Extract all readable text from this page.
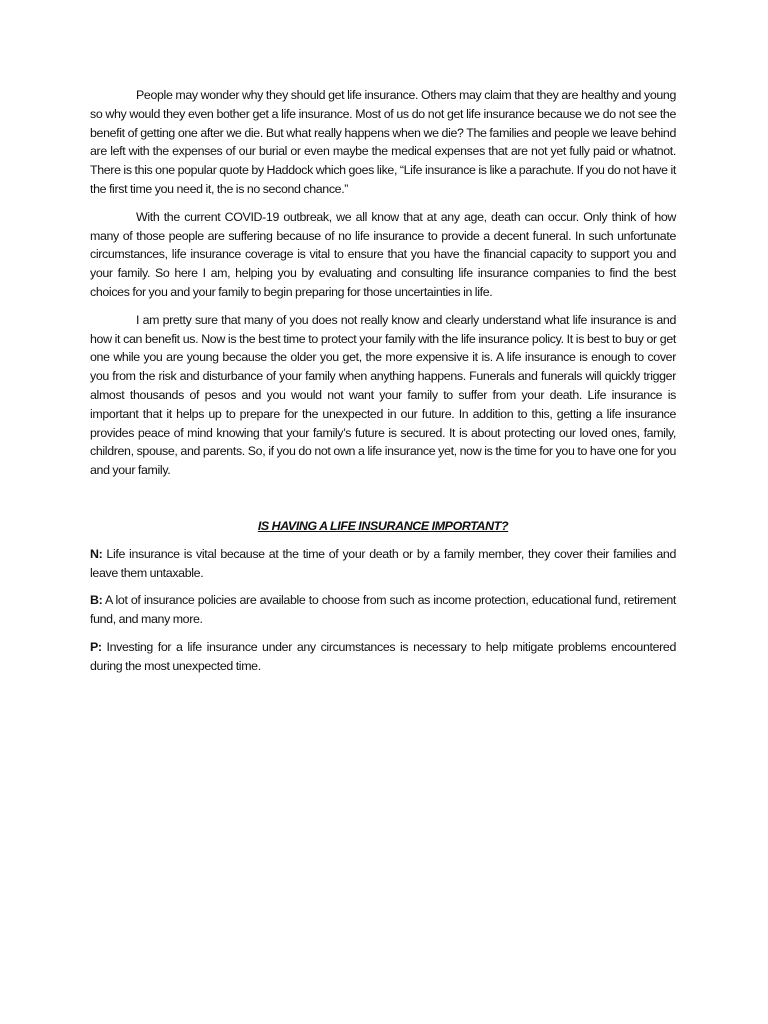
People may wonder why they should get life insurance. Others may claim that they are healthy and young so why would they even bother get a life insurance. Most of us do not get life insurance because we do not see the benefit of getting one after we die. But what really happens when we die? The families and people we leave behind are left with the expenses of our burial or even maybe the medical expenses that are not yet fully paid or whatnot. There is this one popular quote by Haddock which goes like, “Life insurance is like a parachute. If you do not have it the first time you need it, the is no second chance.”

With the current COVID-19 outbreak, we all know that at any age, death can occur. Only think of how many of those people are suffering because of no life insurance to provide a decent funeral. In such unfortunate circumstances, life insurance coverage is vital to ensure that you have the financial capacity to support you and your family. So here I am, helping you by evaluating and consulting life insurance companies to find the best choices for you and your family to begin preparing for those uncertainties in life.

I am pretty sure that many of you does not really know and clearly understand what life insurance is and how it can benefit us. Now is the best time to protect your family with the life insurance policy. It is best to buy or get one while you are young because the older you get, the more expensive it is. A life insurance is enough to cover you from the risk and disturbance of your family when anything happens. Funerals and funerals will quickly trigger almost thousands of pesos and you would not want your family to suffer from your death. Life insurance is important that it helps up to prepare for the unexpected in our future. In addition to this, getting a life insurance provides peace of mind knowing that your family’s future is secured. It is about protecting our loved ones, family, children, spouse, and parents. So, if you do not own a life insurance yet, now is the time for you to have one for you and your family.

IS HAVING A LIFE INSURANCE IMPORTANT?

N: Life insurance is vital because at the time of your death or by a family member, they cover their families and leave them untaxable.

B: A lot of insurance policies are available to choose from such as income protection, educational fund, retirement fund, and many more.

P: Investing for a life insurance under any circumstances is necessary to help mitigate problems encountered during the most unexpected time.
